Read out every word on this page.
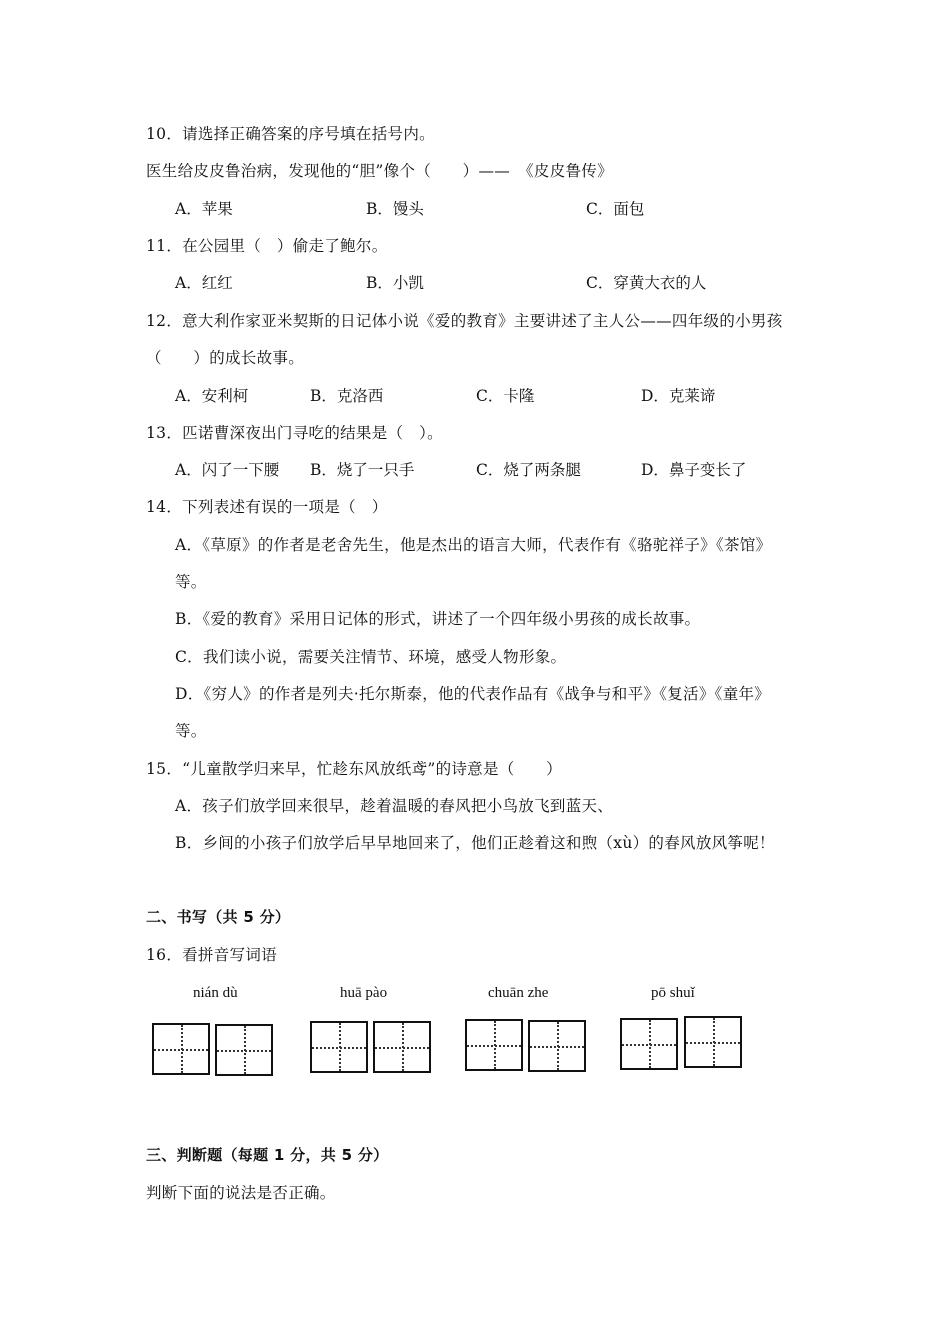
10．请选择正确答案的序号填在括号内。
医生给皮皮鲁治病，发现他的“胆”像个（　　）——　《皮皮鲁传》
A．苹果	B．馒头	C．面包
11．在公园里（　）偷走了鲍尔。
A．红红	B．小凯	C．穿黄大衣的人
12．意大利作家亚米契斯的日记体小说《爱的教育》主要讲述了主人公——四年级的小男孩
（　　）的成长故事。
A．安利柯	B．克洛西	C．卡隆	D．克莱谛
13．匹诺曹深夜出门寻吃的结果是（　）。
A．闪了一下腰 B．烧了一只手	C．烧了两条腿	D．鼻子变长了
14．下列表述有误的一项是（　）
A．《草原》的作者是老舍先生，他是杰出的语言大师，代表作有《骆驼祥子》《茶馆》
等。
B．《爱的教育》采用日记体的形式，讲述了一个四年级小男孩的成长故事。
C．我们读小说，需要关注情节、环境，感受人物形象。
D．《穷人》的作者是列夫·托尔斯泰，他的代表作品有《战争与和平》《复活》《童年》
等。
15．“儿童散学归来早，忙趁东风放纸鸢”的诗意是（　　）
A．孩子们放学回来很早，趁着温暖的春风把小鸟放飞到蓝天、
B．乡间的小孩子们放学后早早地回来了，他们正趁着这和煦（xù）的春风放风筝呢！
二、书写（共 5 分）
16．看拼音写词语
nián dù	huā pào	chuān zhe	pō shuǐ
三、判断题（每题 1 分，共 5 分）
判断下面的说法是否正确。
